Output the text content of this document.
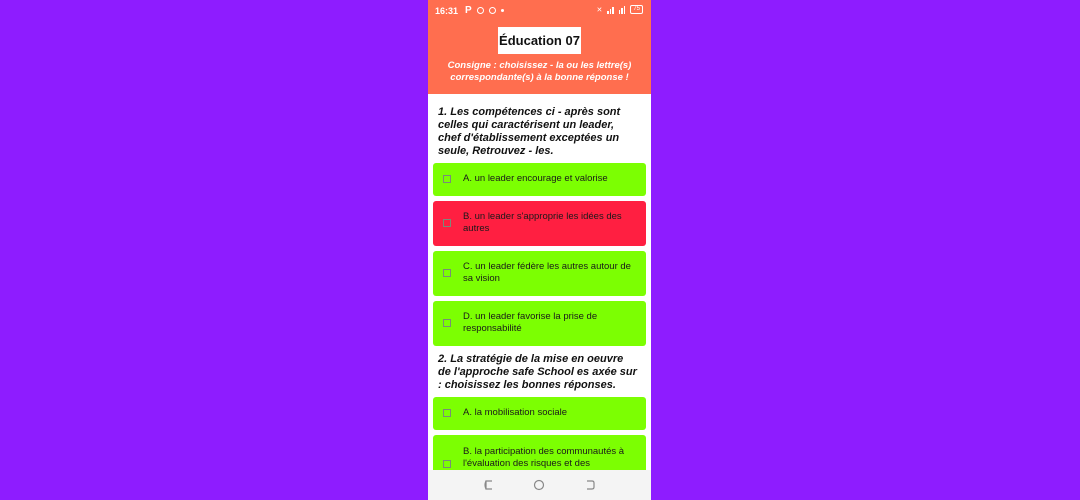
16:31 P	✕	75
Éducation 07
Consigne : choisissez - la ou les lettre(s) correspondante(s) à la bonne réponse !
1. Les compétences ci - après sont celles qui caractérisent un leader, chef d'établissement exceptées un seule, Retrouvez - les.
A. un leader encourage et valorise
B. un leader s'approprie les idées des autres
C. un leader fédère les autres autour de sa vision
D. un leader favorise la prise de responsabilité
2. La stratégie de la mise en oeuvre de l'approche safe School es axée sur : choisissez les bonnes réponses.
A. la mobilisation sociale
B. la participation des communautés à l'évaluation des risques et des
